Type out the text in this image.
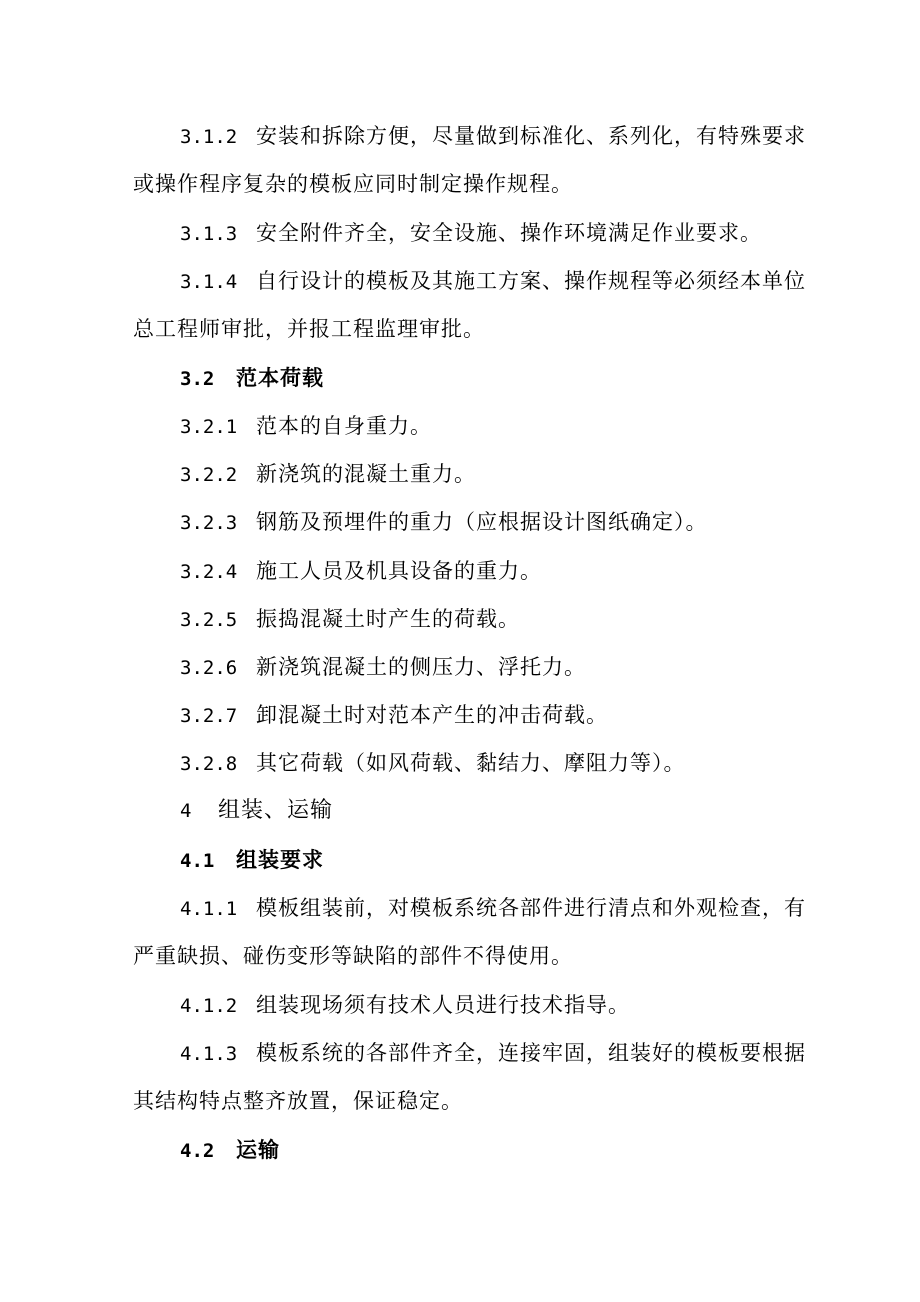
3.1.2 安装和拆除方便，尽量做到标准化、系列化，有特殊要求
或操作程序复杂的模板应同时制定操作规程。
3.1.3 安全附件齐全，安全设施、操作环境满足作业要求。
3.1.4 自行设计的模板及其施工方案、操作规程等必须经本单位
总工程师审批，并报工程监理审批。
3.2 范本荷载
3.2.1 范本的自身重力。
3.2.2 新浇筑的混凝土重力。
3.2.3 钢筋及预埋件的重力（应根据设计图纸确定）。
3.2.4 施工人员及机具设备的重力。
3.2.5 振捣混凝土时产生的荷载。
3.2.6 新浇筑混凝土的侧压力、浮托力。
3.2.7 卸混凝土时对范本产生的冲击荷载。
3.2.8 其它荷载（如风荷载、黏结力、摩阻力等）。
4 组装、运输
4.1 组装要求
4.1.1 模板组装前，对模板系统各部件进行清点和外观检查，有
严重缺损、碰伤变形等缺陷的部件不得使用。
4.1.2 组装现场须有技术人员进行技术指导。
4.1.3 模板系统的各部件齐全，连接牢固，组装好的模板要根据
其结构特点整齐放置，保证稳定。
4.2 运输
